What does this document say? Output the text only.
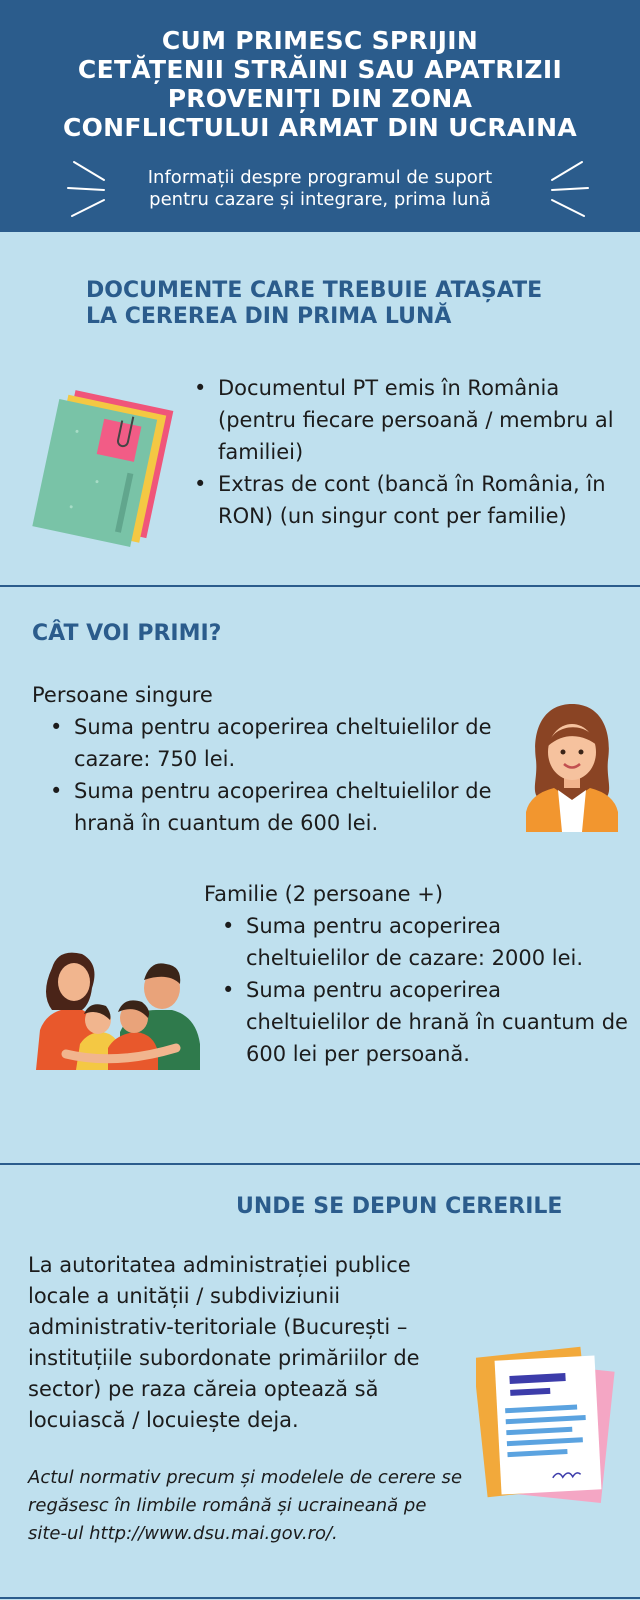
CUM PRIMESC SPRIJIN
CETĂȚENII STRĂINI SAU APATRIZII
PROVENIȚI DIN ZONA
CONFLICTULUI ARMAT DIN UCRAINA
Informații despre programul de suport
pentru cazare și integrare, prima lună
DOCUMENTE CARE TREBUIE ATAȘATE
LA CEREREA DIN PRIMA LUNĂ
• Documentul PT emis în România (pentru fiecare persoană / membru al familiei)
• Extras de cont (bancă în România, în RON) (un singur cont per familie)
CÂT VOI PRIMI?
Persoane singure
• Suma pentru acoperirea cheltuielilor de cazare: 750 lei.
• Suma pentru acoperirea cheltuielilor de hrană în cuantum de 600 lei.
Familie (2 persoane +)
• Suma pentru acoperirea cheltuielilor de cazare: 2000 lei.
• Suma pentru acoperirea cheltuielilor de hrană în cuantum de 600 lei per persoană.
UNDE SE DEPUN CERERILE
La autoritatea administrației publice locale a unității / subdiviziunii administrativ-teritoriale (București – instituțiile subordonate primăriilor de sector) pe raza căreia optează să locuiască / locuiește deja.
Actul normativ precum și modelele de cerere se regăsesc în limbile română și ucraineană pe site-ul http://www.dsu.mai.gov.ro/.
